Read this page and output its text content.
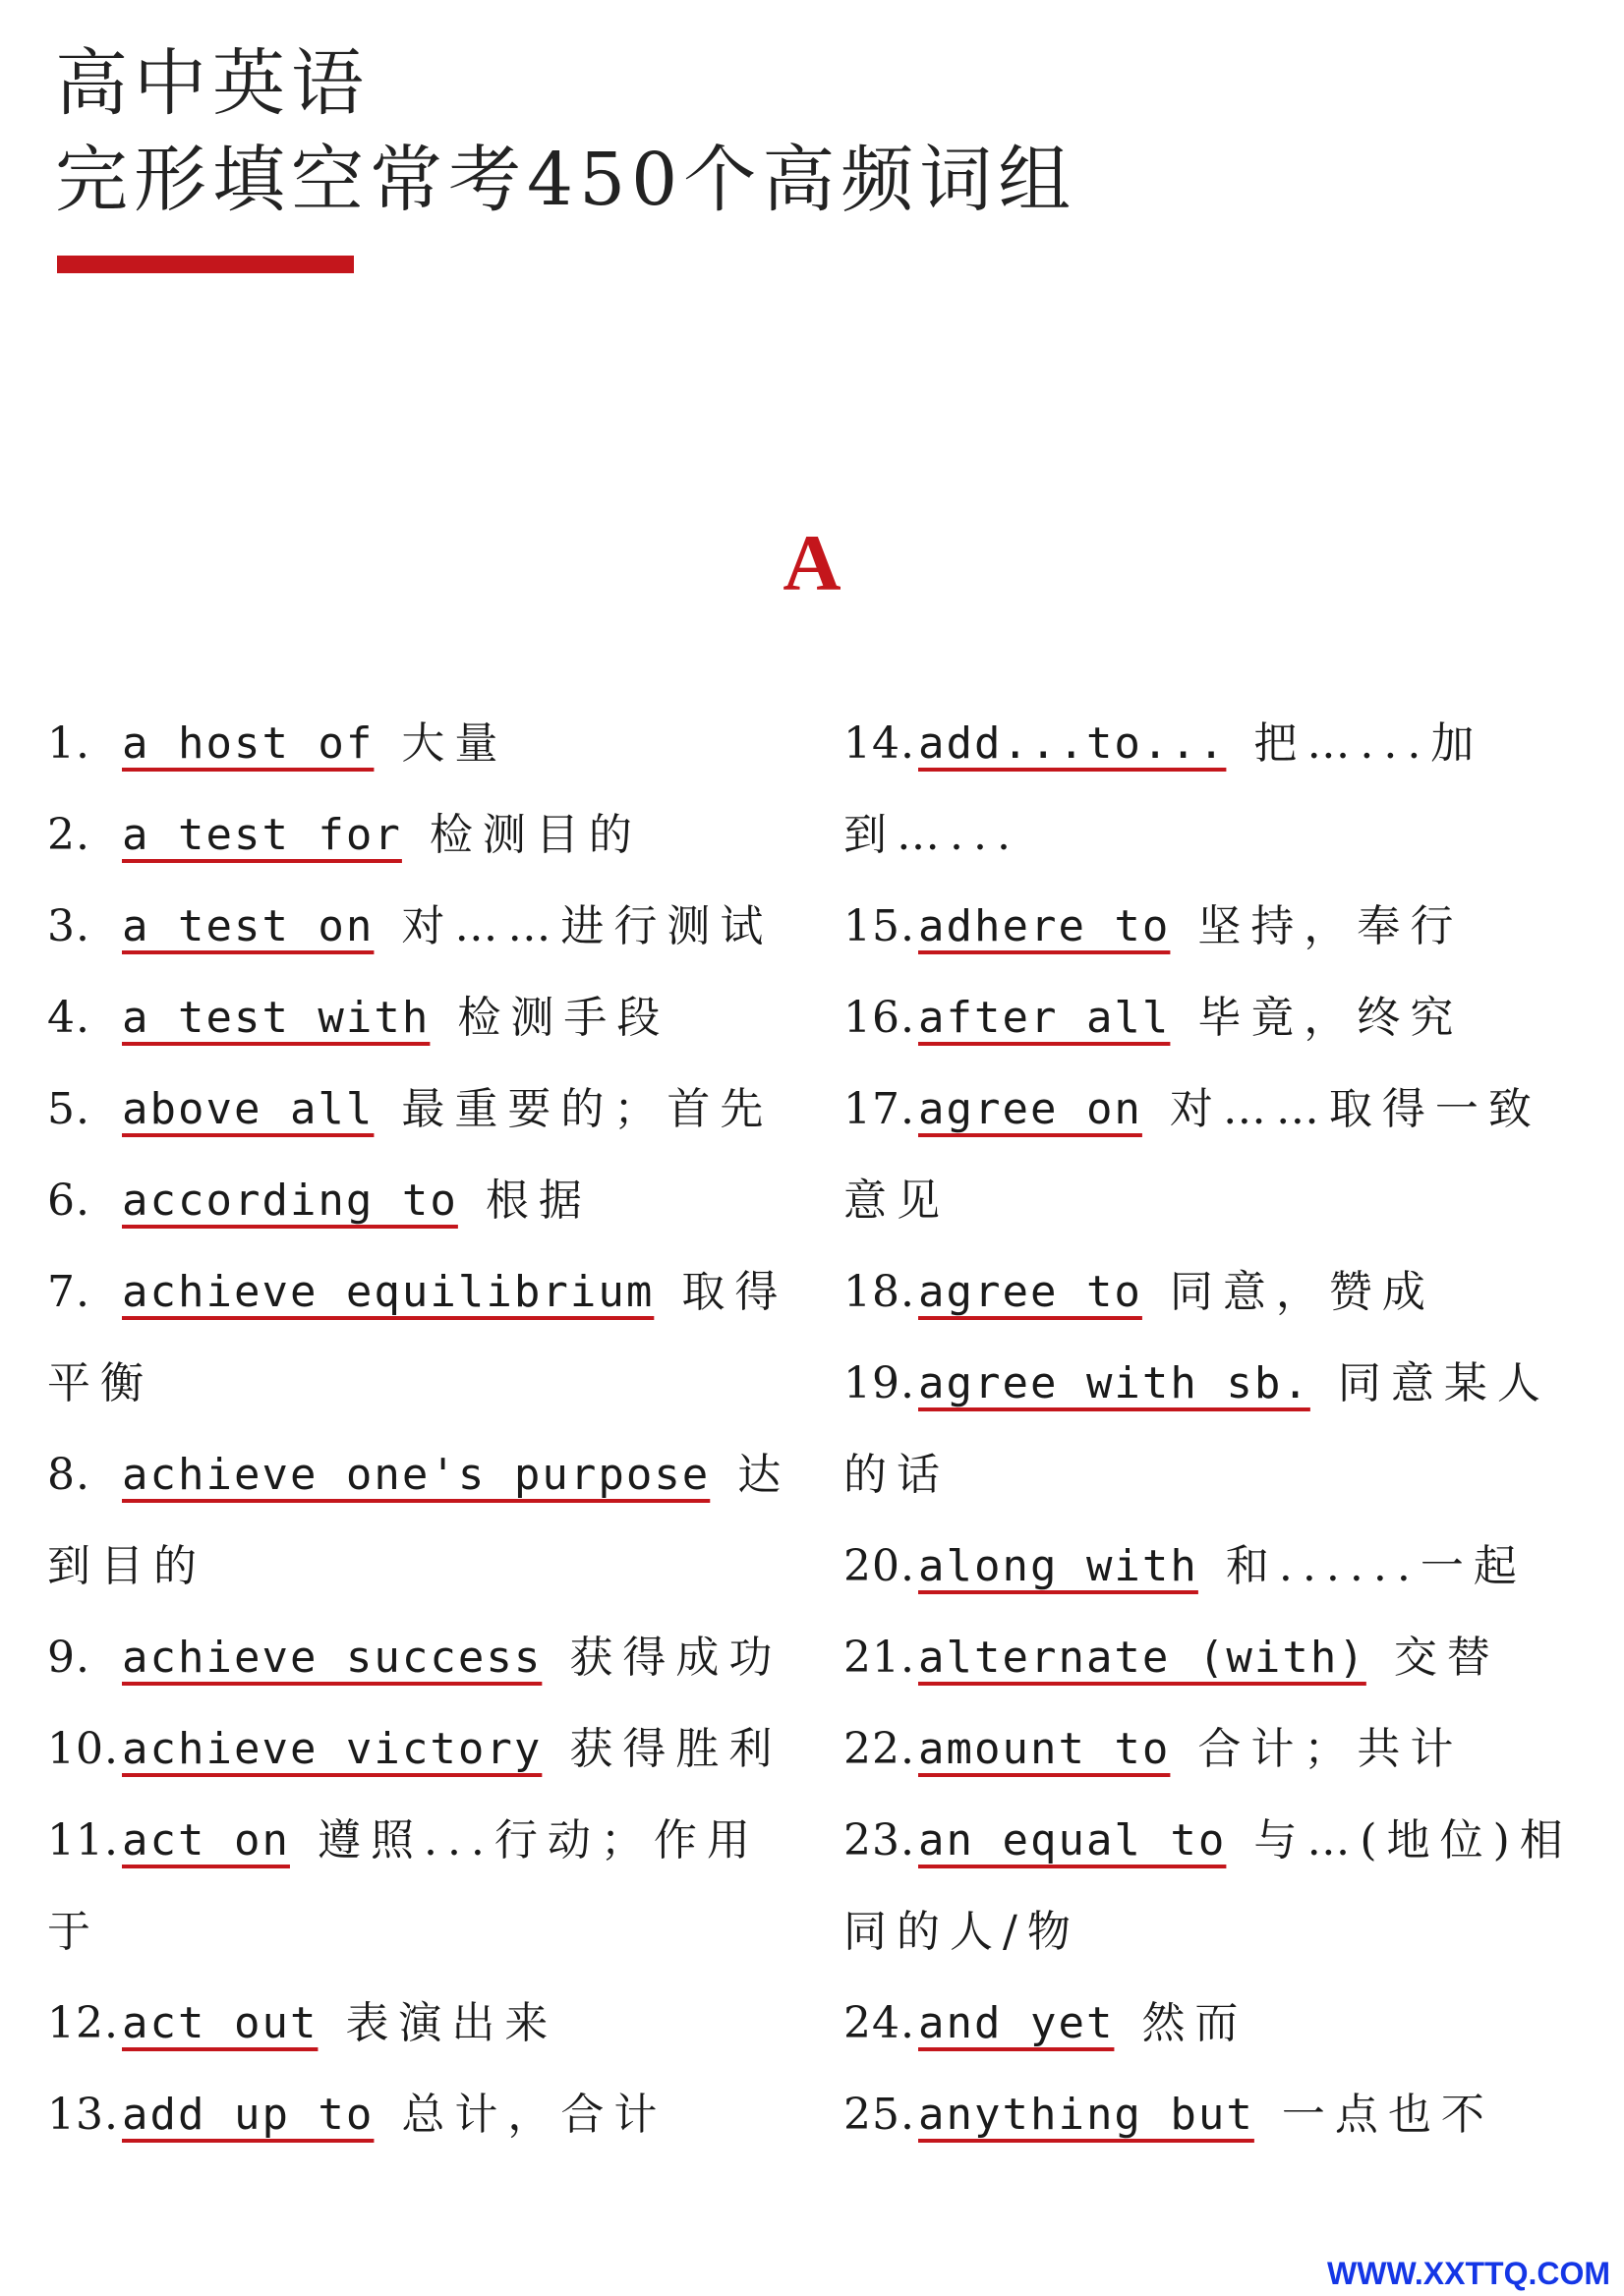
高中英语
完形填空常考450个高频词组
A
1. a host of 大量
2. a test for 检测目的
3. a test on 对……进行测试
4. a test with 检测手段
5. above all 最重要的；首先
6. according to 根据
7. achieve equilibrium 取得平衡
8. achieve one's purpose 达到目的
9. achieve success 获得成功
10.achieve victory 获得胜利
11.act on 遵照...行动；作用于
12.act out 表演出来
13.add up to 总计，合计
14.add...to... 把…...加到…...
15.adhere to 坚持，奉行
16.after all 毕竟，终究
17.agree on 对……取得一致意见
18.agree to 同意，赞成
19.agree with sb. 同意某人的话
20.along with 和......一起
21.alternate (with) 交替
22.amount to 合计；共计
23.an equal to 与…(地位)相同的人/物
24.and yet 然而
25.anything but 一点也不
WWW.XXTTQ.COM
